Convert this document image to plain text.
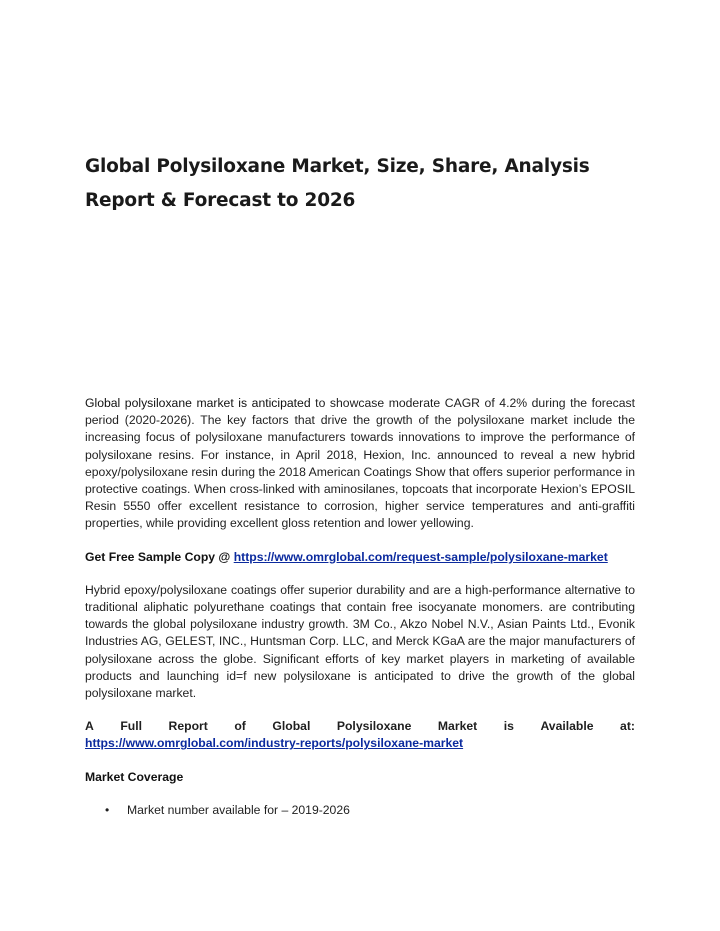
Global Polysiloxane Market, Size, Share, Analysis Report & Forecast to 2026

Global polysiloxane market is anticipated to showcase moderate CAGR of 4.2% during the forecast period (2020-2026). The key factors that drive the growth of the polysiloxane market include the increasing focus of polysiloxane manufacturers towards innovations to improve the performance of polysiloxane resins. For instance, in April 2018, Hexion, Inc. announced to reveal a new hybrid epoxy/polysiloxane resin during the 2018 American Coatings Show that offers superior performance in protective coatings. When cross-linked with aminosilanes, topcoats that incorporate Hexion’s EPOSIL Resin 5550 offer excellent resistance to corrosion, higher service temperatures and anti-graffiti properties, while providing excellent gloss retention and lower yellowing.

Get Free Sample Copy @ https://www.omrglobal.com/request-sample/polysiloxane-market

Hybrid epoxy/polysiloxane coatings offer superior durability and are a high-performance alternative to traditional aliphatic polyurethane coatings that contain free isocyanate monomers. are contributing towards the global polysiloxane industry growth. 3M Co., Akzo Nobel N.V., Asian Paints Ltd., Evonik Industries AG, GELEST, INC., Huntsman Corp. LLC, and Merck KGaA are the major manufacturers of polysiloxane across the globe. Significant efforts of key market players in marketing of available products and launching id=f new polysiloxane is anticipated to drive the growth of the global polysiloxane market.

A Full Report of Global Polysiloxane Market is Available at:
https://www.omrglobal.com/industry-reports/polysiloxane-market

Market Coverage

• Market number available for – 2019-2026
